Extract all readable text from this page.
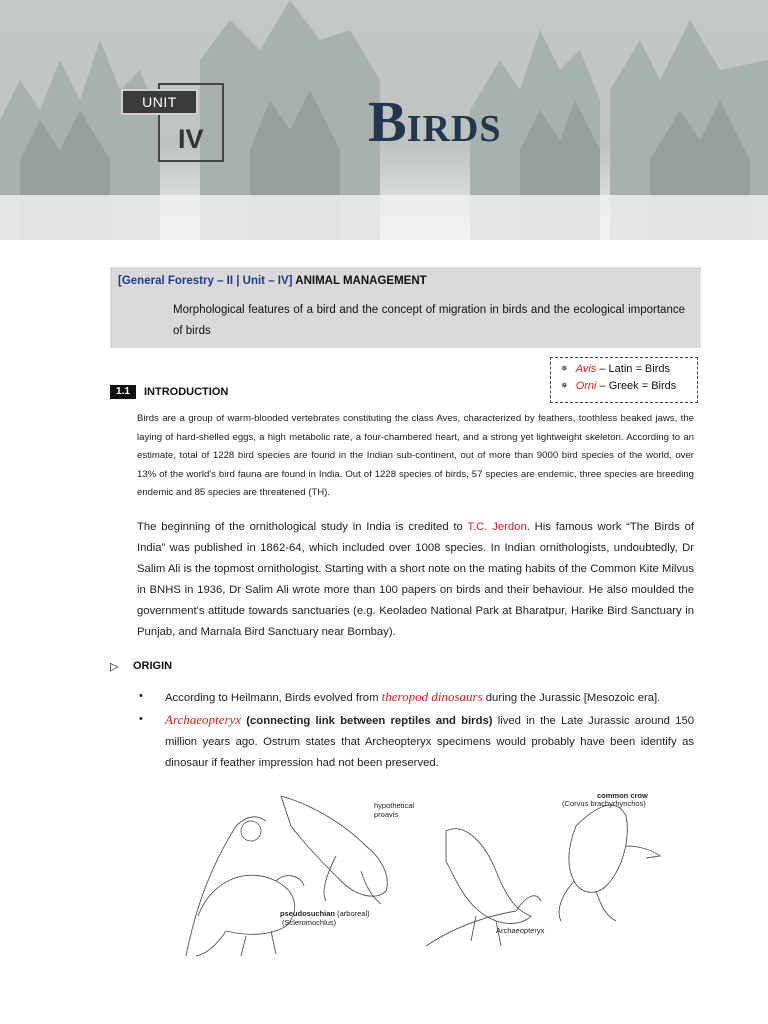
UNIT
IV	BIRDS
[General Forestry – II | Unit – IV] ANIMAL MANAGEMENT
Morphological features of a bird and the concept of migration in birds and the ecological importance of birds
✵ Avis – Latin = Birds
✵ Orni – Greek = Birds
1.1	INTRODUCTION
Birds are a group of warm-blooded vertebrates constituting the class Aves, characterized by feathers, toothless beaked jaws, the laying of hard-shelled eggs, a high metabolic rate, a four-chambered heart, and a strong yet lightweight skeleton. According to an estimate, total of 1228 bird species are found in the Indian sub-continent, out of more than 9000 bird species of the world, over 13% of the world's bird fauna are found in India. Out of 1228 species of birds, 57 species are endemic, three species are breeding endemic and 85 species are threatened (TH).
The beginning of the ornithological study in India is credited to T.C. Jerdon. His famous work “The Birds of India” was published in 1862-64, which included over 1008 species. In Indian ornithologists, undoubtedly, Dr Salim Ali is the topmost ornithologist. Starting with a short note on the mating habits of the Common Kite Milvus in BNHS in 1936, Dr Salim Ali wrote more than 100 papers on birds and their behaviour. He also moulded the government's attitude towards sanctuaries (e.g. Keoladeo National Park at Bharatpur, Harike Bird Sanctuary in Punjab, and Marnala Bird Sanctuary near Bombay).
▷ ORIGIN
• According to Heilmann, Birds evolved from theropod dinosaurs during the Jurassic [Mesozoic era].
• Archaeopteryx (connecting link between reptiles and birds) lived in the Late Jurassic around 150 million years ago. Ostrum states that Archeopteryx specimens would probably have been identify as dinosaur if feather impression had not been preserved.
common crow
(Corvus brachyrhynchos)
hypothetical
proavis
pseudosuchian (arboreal)
(Scleromochlus)
Archaeopteryx
